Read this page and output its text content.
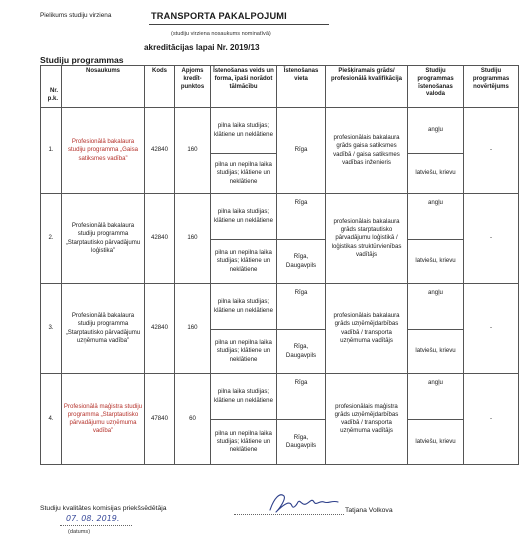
Pielikums studiju virziena	TRANSPORTA PAKALPOJUMI
(studiju virziena nosaukums nominatīvā)
akreditācijas lapai Nr. 2019/13
Studiju programmas
Nr. p.k.	Nosaukums	Kods	Apjoms kredīt-punktos	Īstenošanas veids un forma, īpaši norādot tālmācību	Īstenošanas vieta	Piešķiramais grāds/ profesionālā kvalifikācija	Studiju programmas īstenošanas valoda	Studiju programmas novērtējums
1.	Profesionālā bakalaura studiju programma „Gaisa satiksmes vadība”	42840	160	pilna laika studijas; klātiene un neklātiene	Rīga	profesionālais bakalaura grāds gaisa satiksmes vadībā / gaisa satiksmes vadības inženieris	angļu	-
				pilna un nepilna laika studijas; klātiene un neklātiene			latviešu, krievu	
2.	Profesionālā bakalaura studiju programma „Starptautisko pārvadājumu loģistika”	42840	160	pilna laika studijas; klātiene un neklātiene	Rīga	profesionālais bakalaura grāds starptautisko pārvadājumu loģistikā / loģistikas struktūrvienības vadītājs	angļu	-
				pilna un nepilna laika studijas; klātiene un neklātiene	Rīga, Daugavpils		latviešu, krievu	
3.	Profesionālā bakalaura studiju programma „Starptautisko pārvadājumu uzņēmuma vadība”	42840	160	pilna laika studijas; klātiene un neklātiene	Rīga	profesionālais bakalaura grāds uzņēmējdarbības vadībā / transporta uzņēmuma vadītājs	angļu	-
				pilna un nepilna laika studijas; klātiene un neklātiene	Rīga, Daugavpils		latviešu, krievu	
4.	Profesionālā maģistra studiju programma „Starptautisko pārvadājumu uzņēmuma vadība”	47840	60	pilna laika studijas; klātiene un neklātiene	Rīga	profesionālais maģistra grāds uzņēmējdarbības vadībā / transporta uzņēmuma vadītājs	angļu	-
				pilna un nepilna laika studijas; klātiene un neklātiene	Rīga, Daugavpils		latviešu, krievu	
Studiju kvalitātes komisijas priekšsēdētāja	Tatjana Volkova
07. 08. 2019.
(datums)
